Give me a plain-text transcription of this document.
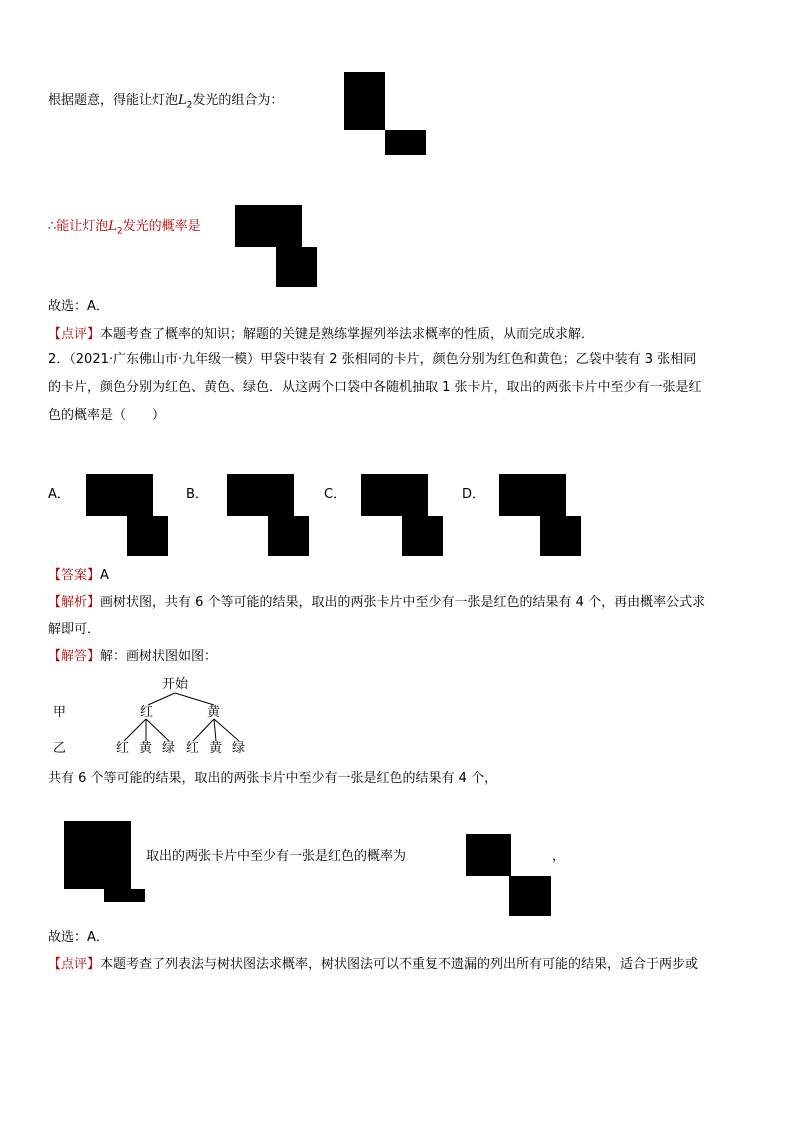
根据题意，得能让灯泡$L_2$发光的组合为：
∴能让灯泡$L_2$发光的概率是
故选：A．
【点评】本题考查了概率的知识；解题的关键是熟练掌握列举法求概率的性质，从而完成求解．
2．（2021·广东佛山市·九年级一模）甲袋中装有 2 张相同的卡片，颜色分别为红色和黄色；乙袋中装有 3 张相同
的卡片，颜色分别为红色、黄色、绿色．从这两个口袋中各随机抽取 1 张卡片，取出的两张卡片中至少有一张是红
色的概率是（　　）
A．	B．	C．	D．
【答案】A
【解析】画树状图，共有 6 个等可能的结果，取出的两张卡片中至少有一张是红色的结果有 4 个，再由概率公式求
解即可．
【解答】解：画树状图如图：
开始
甲
乙
红	黄
红 黄 绿 红 黄 绿
共有 6 个等可能的结果，取出的两张卡片中至少有一张是红色的结果有 4 个，
取出的两张卡片中至少有一张是红色的概率为	，
故选：A．
【点评】本题考查了列表法与树状图法求概率，树状图法可以不重复不遗漏的列出所有可能的结果，适合于两步或
